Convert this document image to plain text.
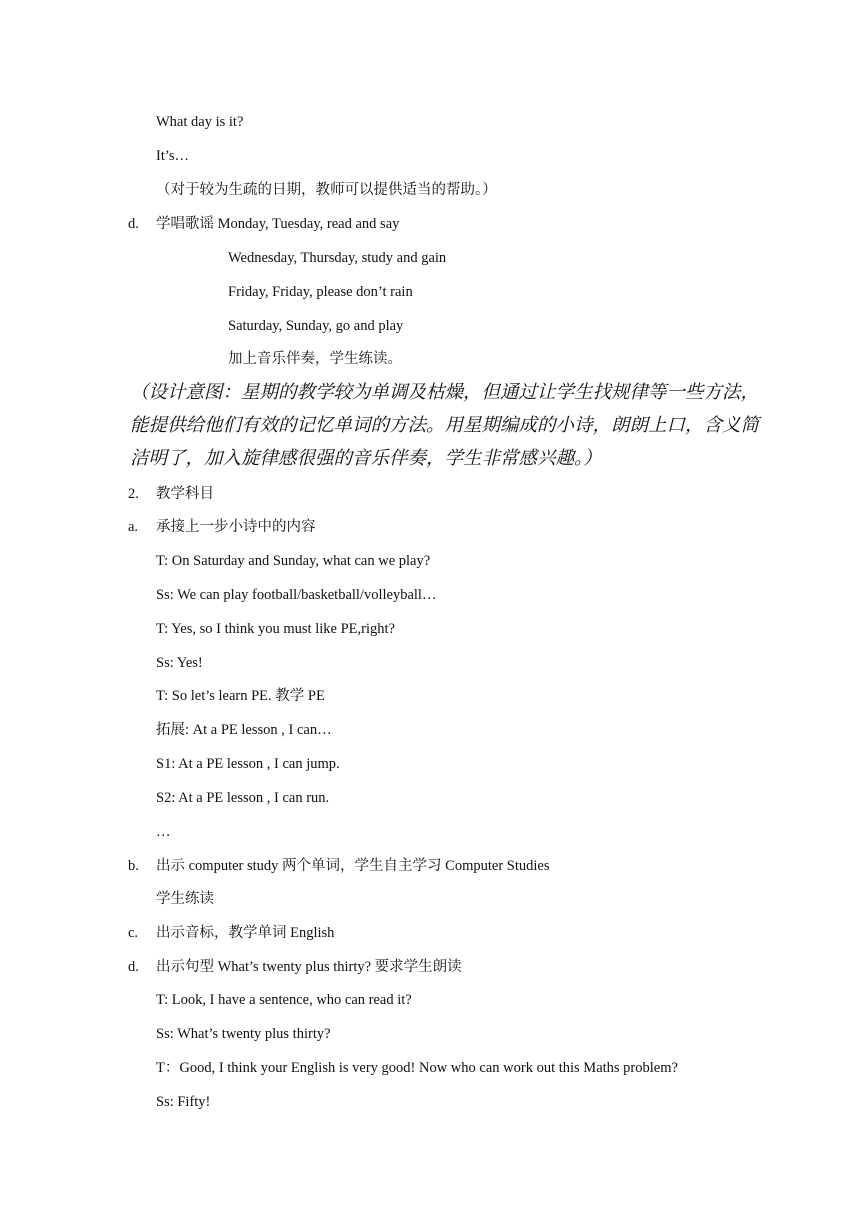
What day is it?

It’s…

（对于较为生疏的日期，教师可以提供适当的帮助。）

d. 学唱歌谣 Monday, Tuesday, read and say

Wednesday, Thursday, study and gain

Friday, Friday, please don’t rain

Saturday, Sunday, go and play

加上音乐伴奏，学生练读。

（设计意图：星期的教学较为单调及枯燥，但通过让学生找规律等一些方法，
能提供给他们有效的记忆单词的方法。用星期编成的小诗，朗朗上口，含义简
洁明了，加入旋律感很强的音乐伴奏，学生非常感兴趣。）
2. 教学科目

a. 承接上一步小诗中的内容

T: On Saturday and Sunday, what can we play?

Ss: We can play football/basketball/volleyball…

T: Yes, so I think you must like PE,right?

Ss: Yes!

T: So let’s learn PE. 教学 PE

拓展: At a PE lesson , I can…

S1: At a PE lesson , I can jump.

S2: At a PE lesson , I can run.

…

b. 出示 computer study 两个单词，学生自主学习 Computer Studies

学生练读

c. 出示音标，教学单词 English

d. 出示句型 What’s twenty plus thirty? 要求学生朗读

T: Look, I have a sentence, who can read it?

Ss: What’s twenty plus thirty?

T：Good, I think your English is very good! Now who can work out this Maths problem?

Ss: Fifty!
